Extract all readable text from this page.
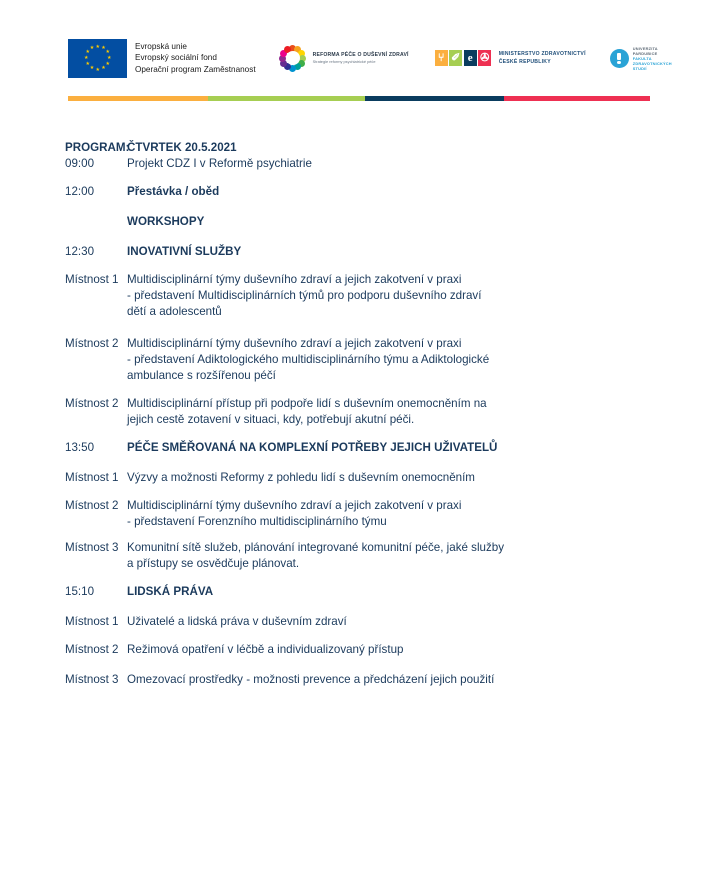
★ ★
★
★
★
★
★
★
★
★
★
★	Evropská unie
Evropský sociální fond
Operační program Zaměstnanost
REFORMA PÉČE O DUŠEVNÍ ZDRAVÍ
Strategie reformy psychiatrické péče	⑂ ✐ e ✇	MINISTERSTVO ZDRAVOTNICTVÍ
ČESKÉ REPUBLIKY
UNIVERZITA
PARDUBICE
FAKULTA
ZDRAVOTNICKÝCH
STUDIÍ
PROGRAM:
ČTVRTEK 20.5.2021
09:00	Projekt CDZ I v Reformě psychiatrie
12:00	Přestávka / oběd
WORKSHOPY
12:30	INOVATIVNÍ SLUŽBY
Místnost 1 Multidisciplinární týmy duševního zdraví a jejich zakotvení v praxi
- představení Multidisciplinárních týmů pro podporu duševního zdraví
dětí a adolescentů
Místnost 2 Multidisciplinární týmy duševního zdraví a jejich zakotvení v praxi
- představení Adiktologického multidisciplinárního týmu a Adiktologické
ambulance s rozšířenou péčí
Místnost 2 Multidisciplinární přístup při podpoře lidí s duševním onemocněním na
jejich cestě zotavení v situaci, kdy, potřebují akutní péči.
13:50	PÉČE SMĚŘOVANÁ NA KOMPLEXNÍ POTŘEBY JEJICH UŽIVATELŮ
Místnost 1 Výzvy a možnosti Reformy z pohledu lidí s duševním onemocněním
Místnost 2 Multidisciplinární týmy duševního zdraví a jejich zakotvení v praxi
- představení Forenzního multidisciplinárního týmu
Místnost 3 Komunitní sítě služeb, plánování integrované komunitní péče, jaké služby
a přístupy se osvědčuje plánovat.
15:10	LIDSKÁ PRÁVA
Místnost 1 Uživatelé a lidská práva v duševním zdraví
Místnost 2 Režimová opatření v léčbě a individualizovaný přístup
Místnost 3 Omezovací prostředky - možnosti prevence a předcházení jejich použití
